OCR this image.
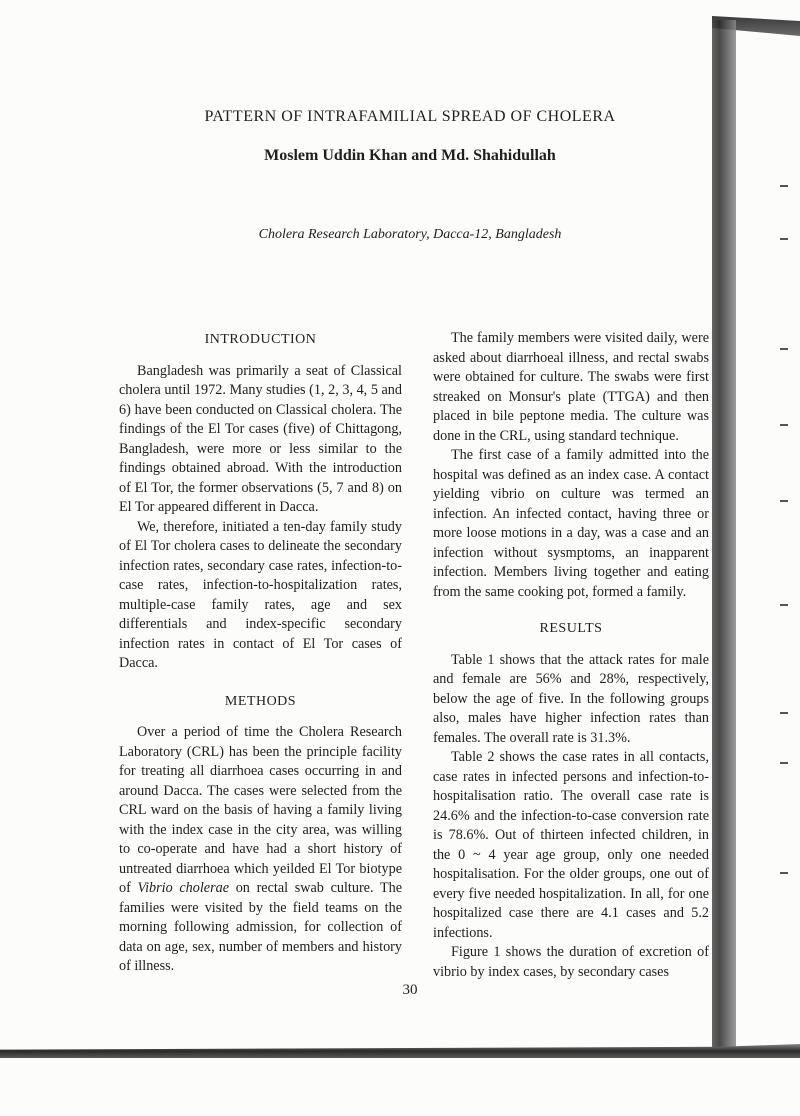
PATTERN OF INTRAFAMILIAL SPREAD OF CHOLERA

Moslem Uddin Khan and Md. Shahidullah

Cholera Research Laboratory, Dacca-12, Bangladesh

INTRODUCTION

Bangladesh was primarily a seat of Classical cholera until 1972. Many studies (1, 2, 3, 4, 5 and 6) have been conducted on Classical cholera. The findings of the El Tor cases (five) of Chittagong, Bangladesh, were more or less similar to the findings obtained abroad. With the introduction of El Tor, the former observations (5, 7 and 8) on El Tor appeared different in Dacca.

We, therefore, initiated a ten-day family study of El Tor cholera cases to delineate the secondary infection rates, secondary case rates, infection-to-case rates, infection-to-hospitalization rates, multiple-case family rates, age and sex differentials and index-specific secondary infection rates in contact of El Tor cases of Dacca.

METHODS

Over a period of time the Cholera Research Laboratory (CRL) has been the principle facility for treating all diarrhoea cases occurring in and around Dacca. The cases were selected from the CRL ward on the basis of having a family living with the index case in the city area, was willing to co-operate and have had a short history of untreated diarrhoea which yeilded El Tor biotype of Vibrio cholerae on rectal swab culture. The families were visited by the field teams on the morning following admission, for collection of data on age, sex, number of members and history of illness.

The family members were visited daily, were asked about diarrhoeal illness, and rectal swabs were obtained for culture. The swabs were first streaked on Monsur's plate (TTGA) and then placed in bile peptone media. The culture was done in the CRL, using standard technique.

The first case of a family admitted into the hospital was defined as an index case. A contact yielding vibrio on culture was termed an infection. An infected contact, having three or more loose motions in a day, was a case and an infection without sysmptoms, an inapparent infection. Members living together and eating from the same cooking pot, formed a family.

RESULTS

Table 1 shows that the attack rates for male and female are 56% and 28%, respectively, below the age of five. In the following groups also, males have higher infection rates than females. The overall rate is 31.3%.

Table 2 shows the case rates in all contacts, case rates in infected persons and infection-to-hospitalisation ratio. The overall case rate is 24.6% and the infection-to-case conversion rate is 78.6%. Out of thirteen infected children, in the 0 ~ 4 year age group, only one needed hospitalisation. For the older groups, one out of every five needed hospitalization. In all, for one hospitalized case there are 4.1 cases and 5.2 infections.

Figure 1 shows the duration of excretion of vibrio by index cases, by secondary cases

30
